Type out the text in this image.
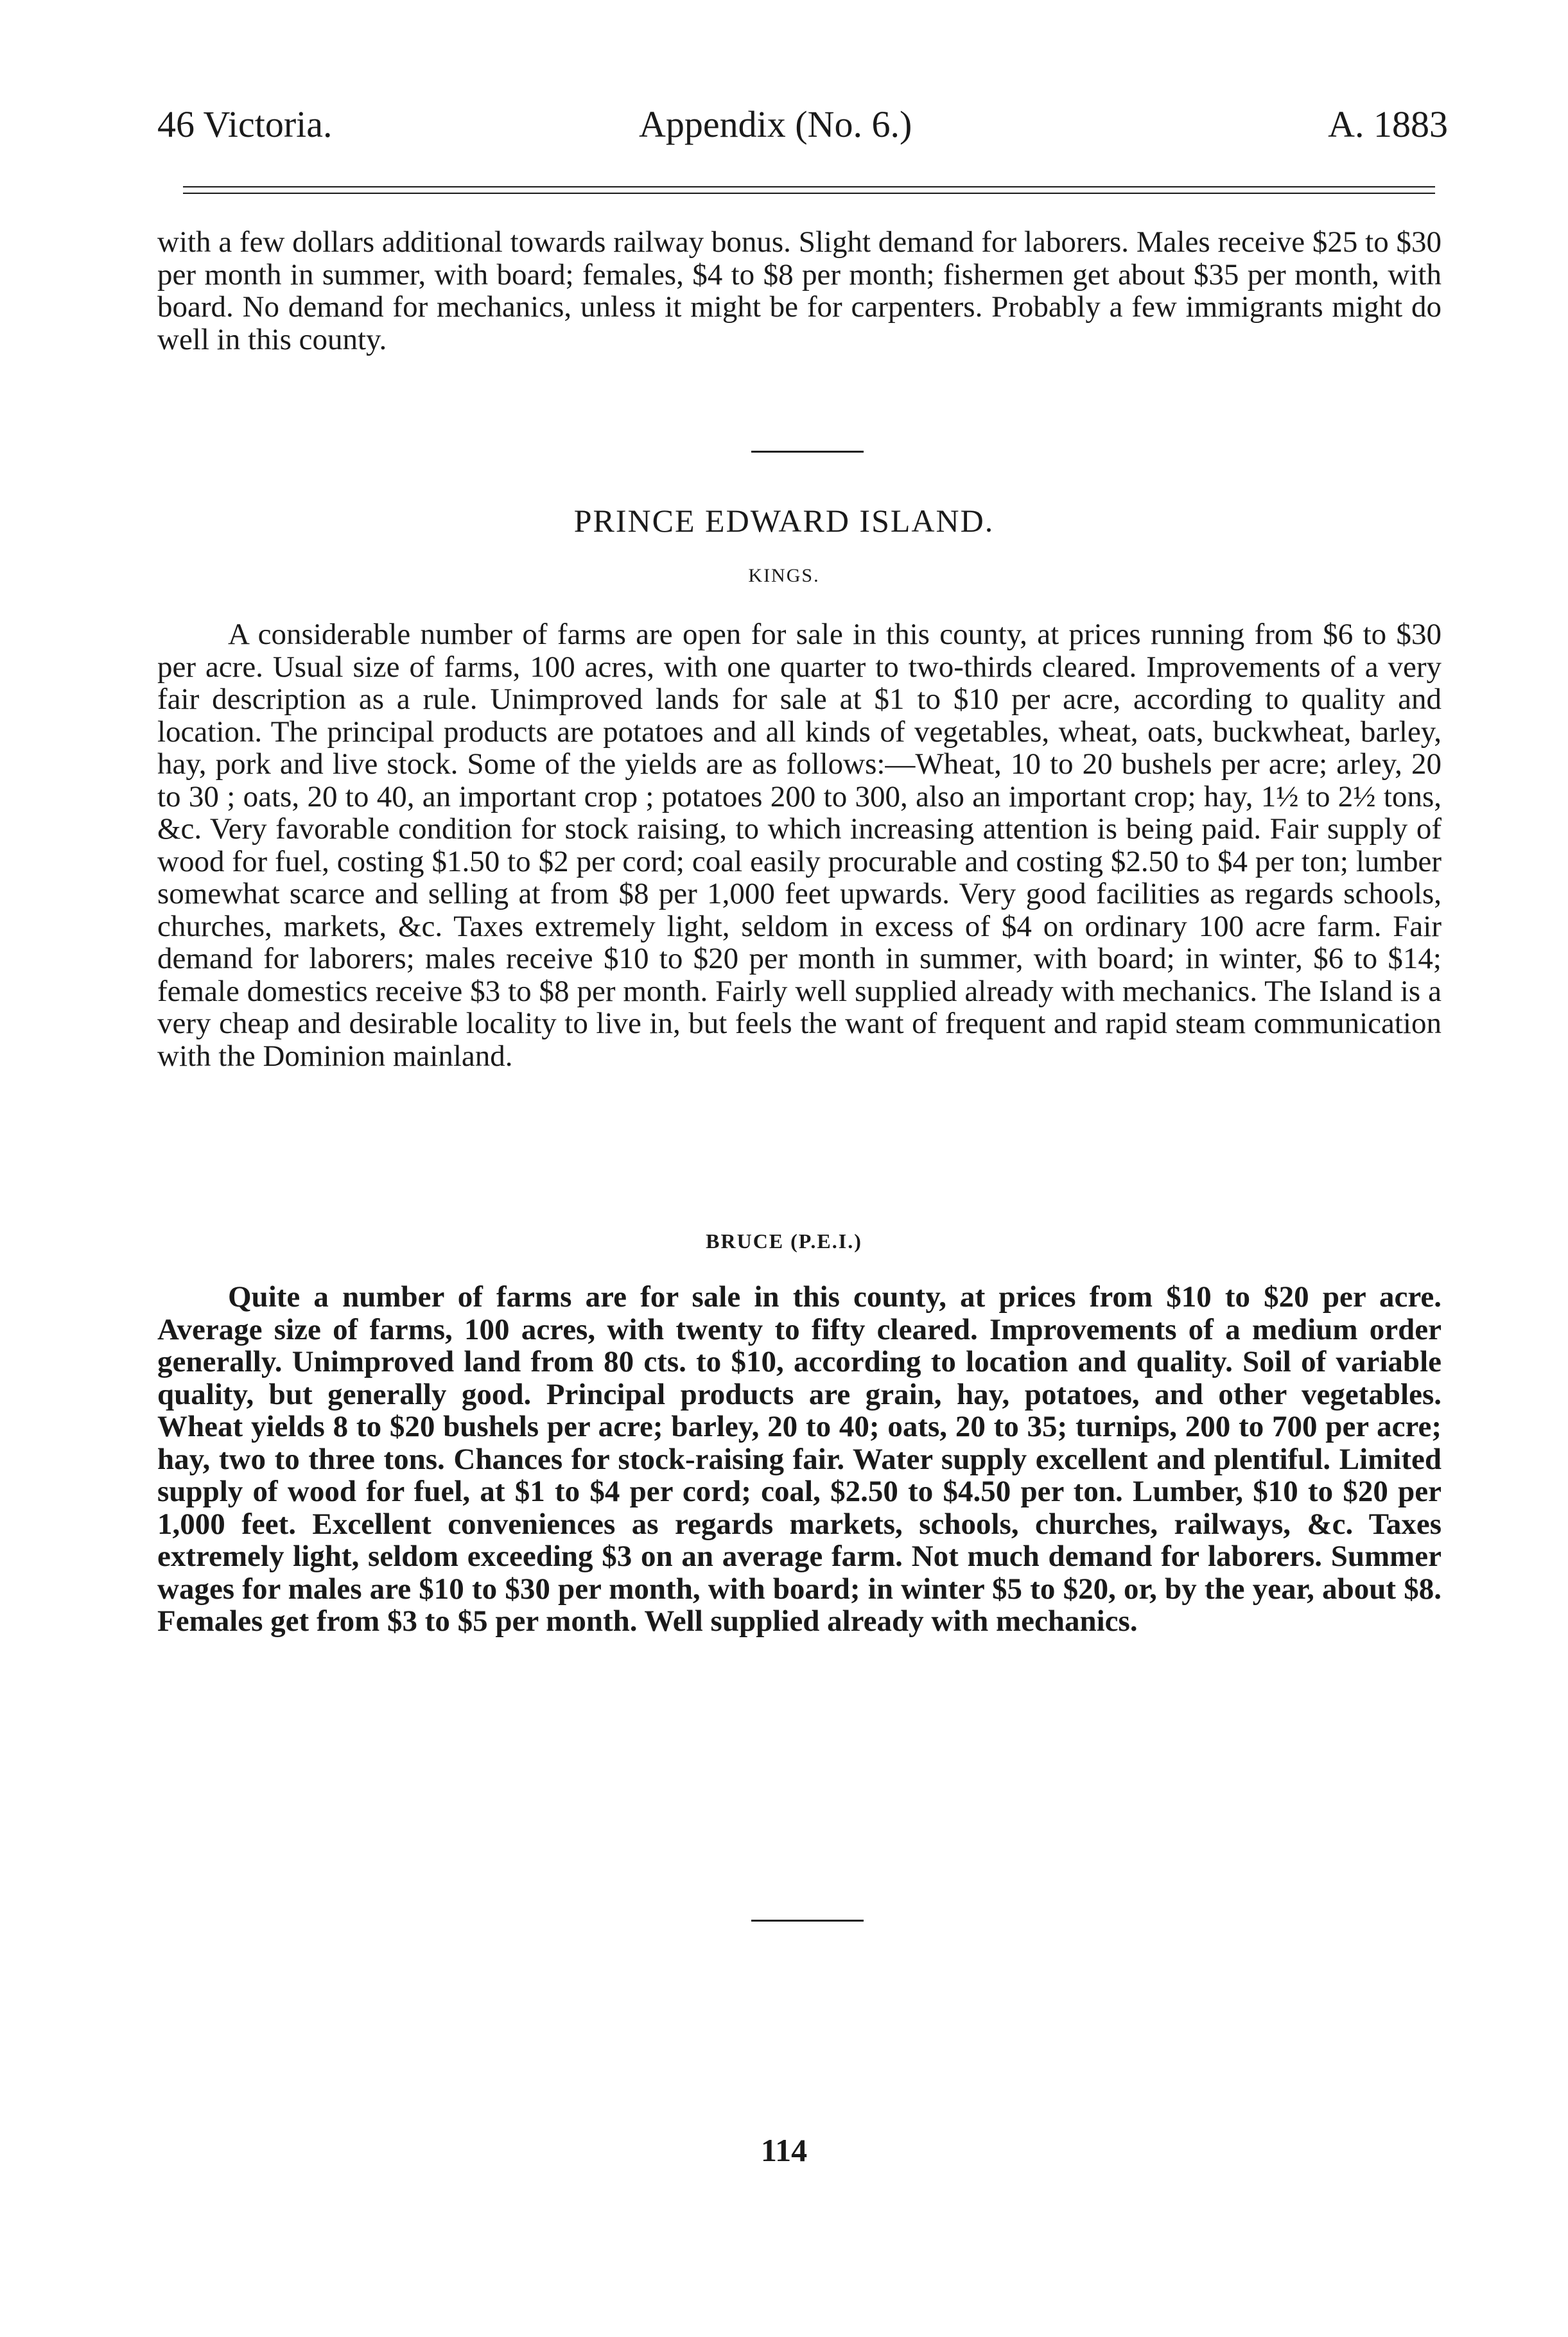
46 Victoria.	Appendix (No. 6.)	A. 1883
with a few dollars additional towards railway bonus. Slight demand for laborers. Males receive $25 to $30 per month in summer, with board; females, $4 to $8 per month; fishermen get about $35 per month, with board. No demand for mechanics, unless it might be for carpenters. Probably a few immigrants might do well in this county.
PRINCE EDWARD ISLAND.
KINGS.
A considerable number of farms are open for sale in this county, at prices running from $6 to $30 per acre. Usual size of farms, 100 acres, with one quarter to two-thirds cleared. Improvements of a very fair description as a rule. Unimproved lands for sale at $1 to $10 per acre, according to quality and location. The principal products are potatoes and all kinds of vegetables, wheat, oats, buckwheat, barley, hay, pork and live stock. Some of the yields are as follows:—Wheat, 10 to 20 bushels per acre; arley, 20 to 30 ; oats, 20 to 40, an important crop ; potatoes 200 to 300, also an important crop; hay, 1½ to 2½ tons, &c. Very favorable condition for stock raising, to which increasing attention is being paid. Fair supply of wood for fuel, costing $1.50 to $2 per cord; coal easily procurable and costing $2.50 to $4 per ton; lumber somewhat scarce and selling at from $8 per 1,000 feet upwards. Very good facilities as regards schools, churches, markets, &c. Taxes extremely light, seldom in excess of $4 on ordinary 100 acre farm. Fair demand for laborers; males receive $10 to $20 per month in summer, with board; in winter, $6 to $14; female domestics receive $3 to $8 per month. Fairly well supplied already with mechanics. The Island is a very cheap and desirable locality to live in, but feels the want of frequent and rapid steam communication with the Dominion mainland.
BRUCE (P.E.I.)
Quite a number of farms are for sale in this county, at prices from $10 to $20 per acre. Average size of farms, 100 acres, with twenty to fifty cleared. Improvements of a medium order generally. Unimproved land from 80 cts. to $10, according to location and quality. Soil of variable quality, but generally good. Principal products are grain, hay, potatoes, and other vegetables. Wheat yields 8 to $20 bushels per acre; barley, 20 to 40; oats, 20 to 35; turnips, 200 to 700 per acre; hay, two to three tons. Chances for stock-raising fair. Water supply excellent and plentiful. Limited supply of wood for fuel, at $1 to $4 per cord; coal, $2.50 to $4.50 per ton. Lumber, $10 to $20 per 1,000 feet. Excellent conveniences as regards markets, schools, churches, railways, &c. Taxes extremely light, seldom exceeding $3 on an average farm. Not much demand for laborers. Summer wages for males are $10 to $30 per month, with board; in winter $5 to $20, or, by the year, about $8. Females get from $3 to $5 per month. Well supplied already with mechanics.
114
